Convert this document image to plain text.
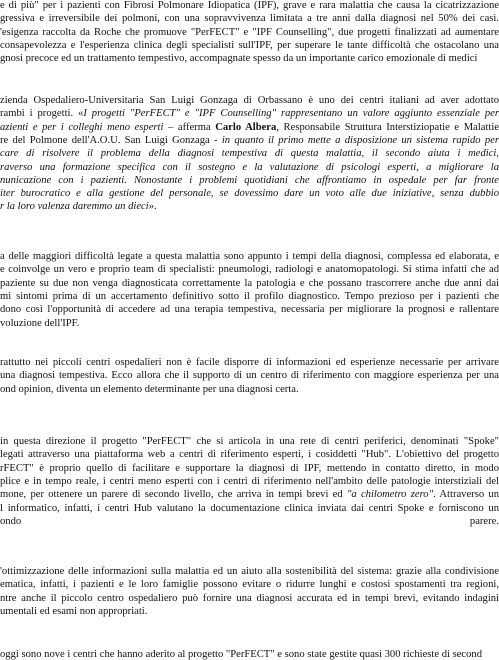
e di più" per i pazienti con Fibrosi Polmonare Idiopatica (IPF), grave e rara malattia che causa la cicatrizzazione
gressiva e irreversibile dei polmoni, con una sopravvivenza limitata a tre anni dalla diagnosi nel 50% dei casi.
'esigenza raccolta da Roche che promuove "PerFECT" e "IPF Counselling", due progetti finalizzati ad aumentare
consapevolezza e l'esperienza clinica degli specialisti sull'IPF, per superare le tante difficoltà che ostacolano una
gnosi precoce ed un trattamento tempestivo, accompagnate spesso da un importante carico emozionale di medici
zienda Ospedaliero-Universitaria San Luigi Gonzaga di Orbassano è uno dei centri italiani ad aver adottato
rambi i progetti. «I progetti "PerFECT" e "IPF Counselling" rappresentano un valore aggiunto essenziale per
azienti e per i colleghi meno esperti – afferma Carlo Albera, Responsabile Struttura Interstiziopatie e Malattie
re del Polmone dell'A.O.U. San Luigi Gonzaga - in quanto il primo mette a disposizione un sistema rapido per
care di risolvere il problema della diagnosi tempestiva di questa malattia, il secondo aiuta i medici,
raverso una formazione specifica con il sostegno e la valutazione di psicologi esperti, a migliorare la
nunicazione con i pazienti. Nonostante i problemi quotidiani che affrontiamo in ospedale per far fronte
iter burocratico e alla gestione del personale, se dovessimo dare un voto alle due iniziative, senza dubbio
r la loro valenza daremmo un dieci».
a delle maggiori difficoltà legate a questa malattia sono appunto i tempi della diagnosi, complessa ed elaborata, e
e coinvolge un vero e proprio team di specialisti: pneumologi, radiologi e anatomopatologi. Si stima infatti che ad
paziente su due non venga diagnosticata correttamente la patologia e che possano trascorrere anche due anni dai
mi sintomi prima di un accertamento definitivo sotto il profilo diagnostico. Tempo prezioso per i pazienti che
dono così l'opportunità di accedere ad una terapia tempestiva, necessaria per migliorare la prognosi e rallentare
voluzione dell'IPF.
rattutto nei piccoli centri ospedalieri non è facile disporre di informazioni ed esperienze necessarie per arrivare
una diagnosi tempestiva. Ecco allora che il supporto di un centro di riferimento con maggiore esperienza per una
ond opinion, diventa un elemento determinante per una diagnosi certa.
in questa direzione il progetto "PerFECT" che si articola in una rete di centri periferici, denominati "Spoke"
legati attraverso una piattaforma web a centri di riferimento esperti, i cosiddetti "Hub". L'obiettivo del progetto
rFECT" è proprio quello di facilitare e supportare la diagnosi di IPF, mettendo in contatto diretto, in modo
plice e in tempo reale, i centri meno esperti con i centri di riferimento nell'ambito delle patologie interstiziali del
mone, per ottenere un parere di secondo livello, che arriva in tempi brevi ed "a chilometro zero". Attraverso un
l informatico, infatti, i centri Hub valutano la documentazione clinica inviata dai centri Spoke e forniscono un
ondo	parere.
'ottimizzazione delle informazioni sulla malattia ed un aiuto alla sostenibilità del sistema: grazie alla condivisione
ematica, infatti, i pazienti e le loro famiglie possono evitare o ridurre lunghi e costosi spostamenti tra regioni,
ntre anche il piccolo centro ospedaliero può fornire una diagnosi accurata ed in tempi brevi, evitando indagini
umentali ed esami non appropriati.
oggi sono nove i centri che hanno aderito al progetto "PerFECT" e sono state gestite quasi 300 richieste di second
